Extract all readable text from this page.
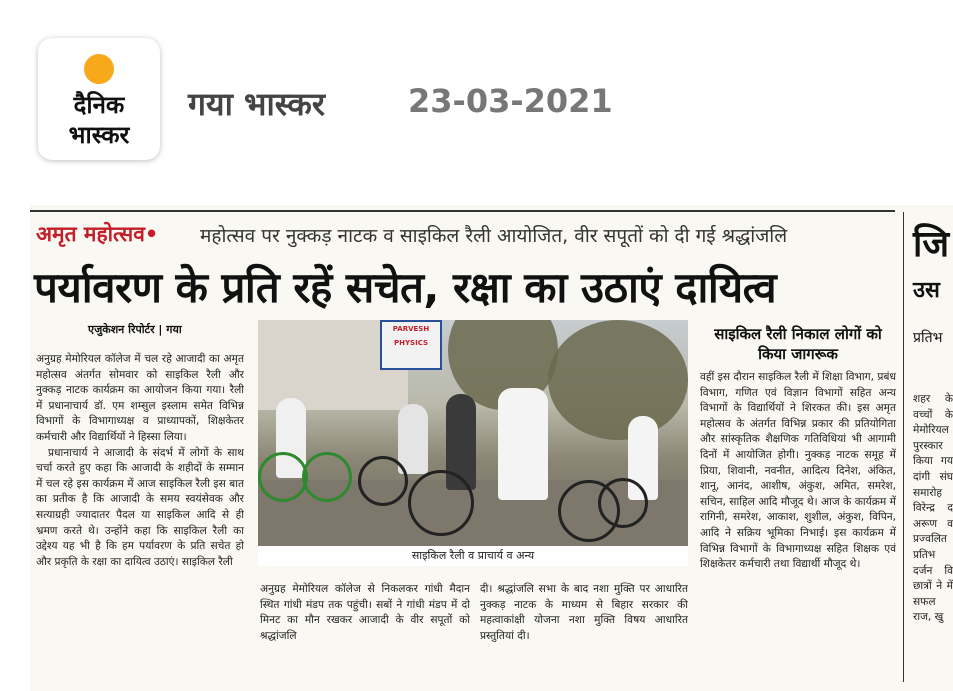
दैनिक
भास्कर
गया भास्कर	23-03-2021
अमृत महोत्सव• महोत्सव पर नुक्कड़ नाटक व साइकिल रैली आयोजित, वीर सपूतों को दी गई श्रद्धांजलि
पर्यावरण के प्रति रहें सचेत, रक्षा का उठाएं दायित्व
जि
उस
प्रतिभ

शहर के वच्चों के मेमोरियल पुरस्कार किया गय दांगी संघ समारोह विरेन्द्र द अरूण व प्रज्वलित प्रतिभ दर्जन वि छात्रों ने में सफल राज, खु

एजुकेशन रिपोर्टर | गया

अनुग्रह मेमोरियल कॉलेज में चल रहे आजादी का अमृत महोत्सव अंतर्गत सोमवार को साइकिल रैली और नुक्कड़ नाटक कार्यक्रम का आयोजन किया गया। रैली में प्रधानाचार्य डॉ. एम शम्सुल इस्लाम समेत विभिन्न विभागों के विभागाध्यक्ष व प्राध्यापकों, शिक्षकेतर कर्मचारी और विद्यार्थियों ने हिस्सा लिया।

प्रधानाचार्य ने आजादी के संदर्भ में लोगों के साथ चर्चा करते हुए कहा कि आजादी के शहीदों के सम्मान में चल रहे इस कार्यक्रम में आज साइकिल रैली इस बात का प्रतीक है कि आजादी के समय स्वयंसेवक और सत्याग्रही ज्यादातर पैदल या साइकिल आदि से ही भ्रमण करते थे। उन्होंने कहा कि साइकिल रैली का उद्देश्य यह भी है कि हम पर्यावरण के प्रति सचेत हो और प्रकृति के रक्षा का दायित्व उठाएं। साइकिल रैली

PARVESH PHYSICS
साइकिल रैली व प्राचार्य व अन्य

अनुग्रह मेमोरियल कॉलेज से निकलकर गांधी मैदान स्थित गांधी मंडप तक पहुंची। सबों ने गांधी मंडप में दो मिनट का मौन रखकर आजादी के वीर सपूतों को श्रद्धांजलि

दी। श्रद्धांजलि सभा के बाद नशा मुक्ति पर आधारित नुक्कड़ नाटक के माध्यम से बिहार सरकार की महत्वाकांक्षी योजना नशा मुक्ति विषय आधारित प्रस्तुतियां दी।

साइकिल रैली निकाल लोगों को किया जागरूक

वहीं इस दौरान साइकिल रैली में शिक्षा विभाग, प्रबंध विभाग, गणित एवं विज्ञान विभागों सहित अन्य विभागों के विद्यार्थियों ने शिरकत की। इस अमृत महोत्सव के अंतर्गत विभिन्न प्रकार की प्रतियोगिता और सांस्कृतिक शैक्षणिक गतिविधियां भी आगामी दिनों में आयोजित होगी। नुक्कड़ नाटक समूह में प्रिया, शिवानी, नवनीत, आदित्य दिनेश, अंकित, शानू, आनंद, आशीष, अंकुश, अमित, समरेश, सचिन, साहिल आदि मौजूद थे। आज के कार्यक्रम में रागिनी, समरेश, आकाश, शुशील, अंकुश, विपिन, आदि ने सक्रिय भूमिका निभाई। इस कार्यक्रम में विभिन्न विभागों के विभागाध्यक्ष सहित शिक्षक एवं शिक्षकेतर कर्मचारी तथा विद्यार्थी मौजूद थे।
